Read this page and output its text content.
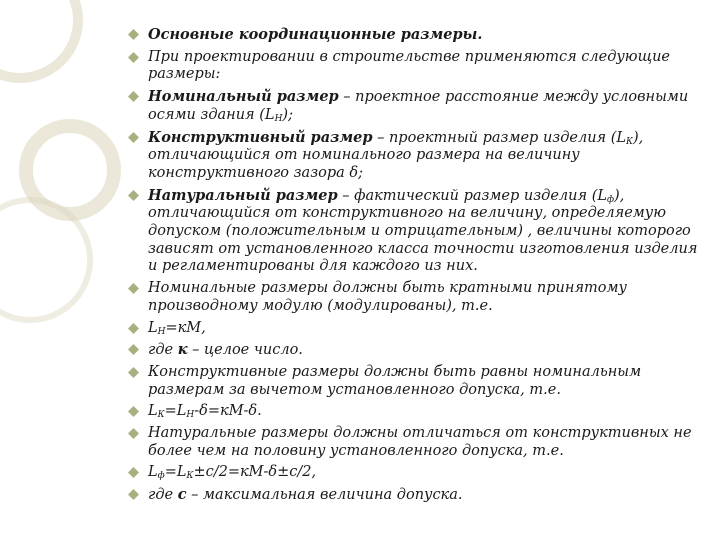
Основные координационные размеры.
При проектировании в строительстве применяются следующие размеры:
Номинальный размер – проектное расстояние между условными осями здания $(L_Н)$;
Конструктивный размер – проектный размер изделия $(L_К)$, отличающийся от номинального размера на величину конструктивного зазора δ;
Натуральный размер – фактический размер изделия $(L_ф)$, отличающийся от конструктивного на величину, определяемую допуском (положительным и отрицательным) , величины которого зависят от установленного класса точности изготовления изделия и регламентированы для каждого из них.
Номинальные размеры должны быть кратными принятому производному модулю (модулированы), т.е.
$L_Н=кМ$,
где к – целое число.
Конструктивные размеры должны быть равны номинальным размерам за вычетом установленного допуска, т.е.
$L_К=L_Н-\delta=кМ-\delta$.
Натуральные размеры должны отличаться от конструктивных не более чем на половину установленного допуска, т.е.
$L_ф=L_К\pm с/2=кМ-\delta\pm с/2$,
где с – максимальная величина допуска.
